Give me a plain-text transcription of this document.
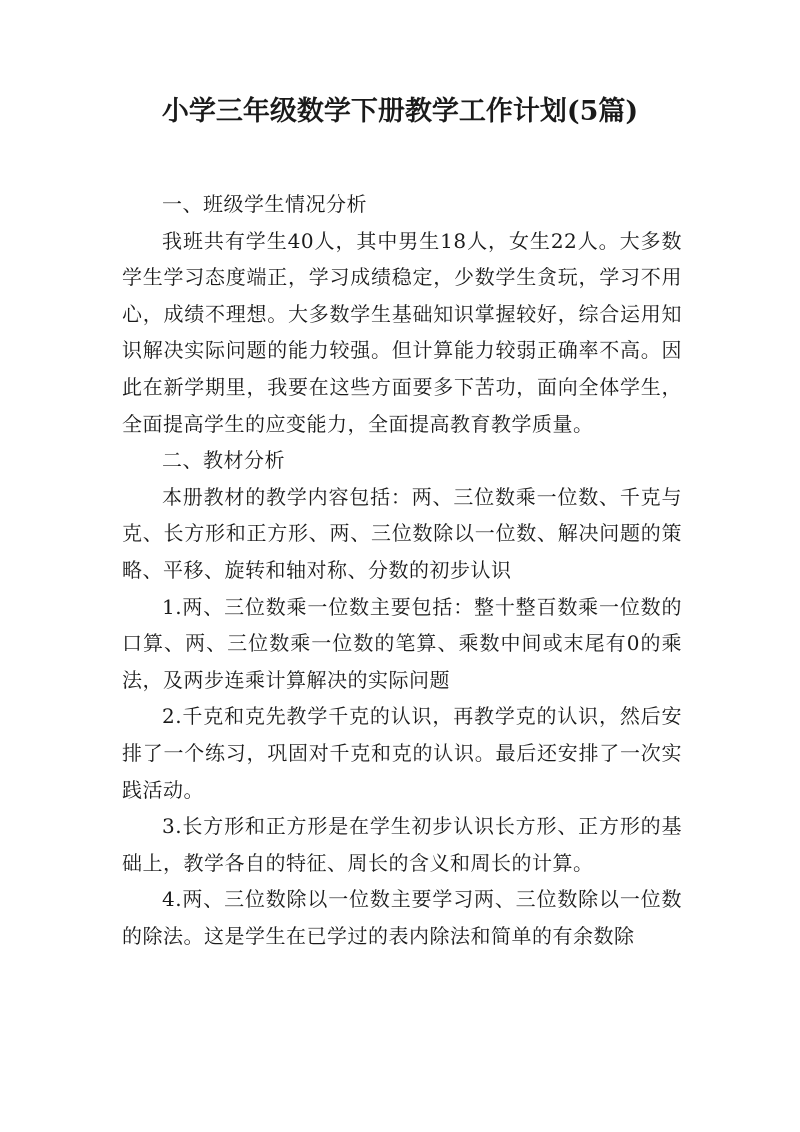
小学三年级数学下册教学工作计划(5篇)

一、班级学生情况分析

我班共有学生40人，其中男生18人，女生22人。大多数学生学习态度端正，学习成绩稳定，少数学生贪玩，学习不用心，成绩不理想。大多数学生基础知识掌握较好，综合运用知识解决实际问题的能力较强。但计算能力较弱正确率不高。因此在新学期里，我要在这些方面要多下苦功，面向全体学生，全面提高学生的应变能力，全面提高教育教学质量。

二、教材分析

本册教材的教学内容包括：两、三位数乘一位数、千克与克、长方形和正方形、两、三位数除以一位数、解决问题的策略、平移、旋转和轴对称、分数的初步认识

1.两、三位数乘一位数主要包括：整十整百数乘一位数的口算、两、三位数乘一位数的笔算、乘数中间或末尾有0的乘法，及两步连乘计算解决的实际问题

2.千克和克先教学千克的认识，再教学克的认识，然后安排了一个练习，巩固对千克和克的认识。最后还安排了一次实践活动。

3.长方形和正方形是在学生初步认识长方形、正方形的基础上，教学各自的特征、周长的含义和周长的计算。

4.两、三位数除以一位数主要学习两、三位数除以一位数的除法。这是学生在已学过的表内除法和简单的有余数除
